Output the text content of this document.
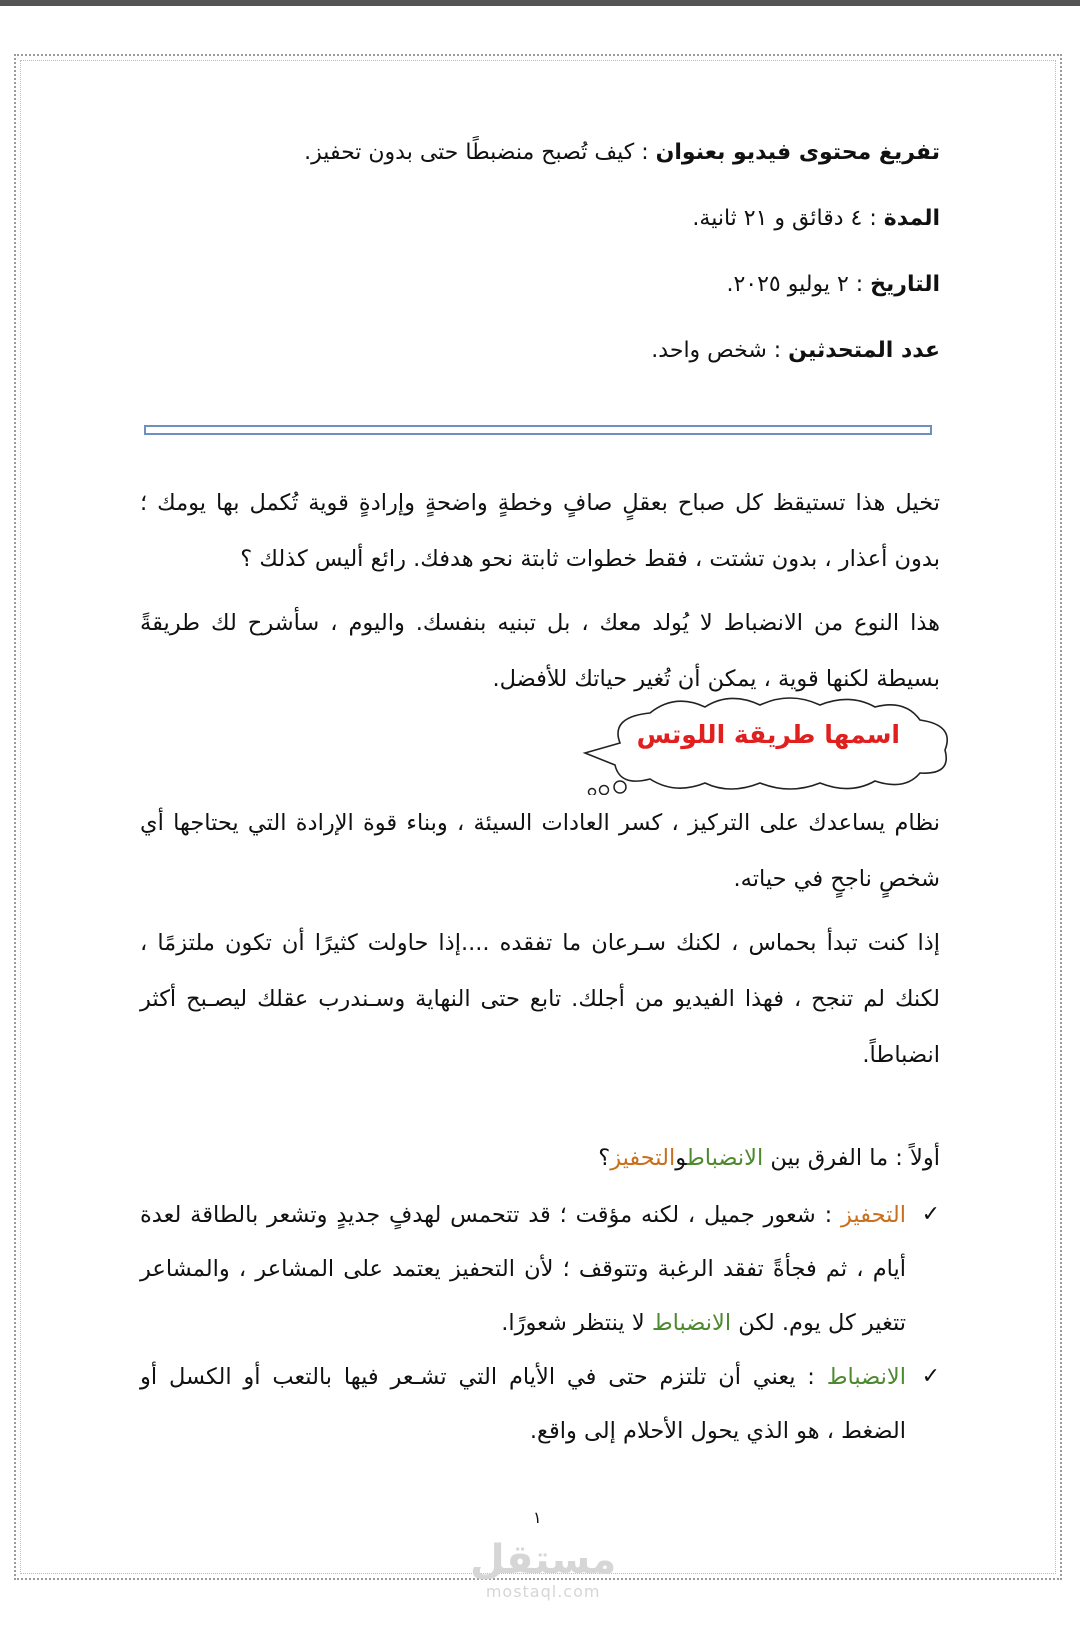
تفريغ محتوى فيديو بعنوان : كيف تُصبح منضبطًا حتى بدون تحفيز.

المدة : ٤ دقائق و ٢١ ثانية.

التاريخ : ٢ يوليو ٢٠٢٥.

عدد المتحدثين : شخص واحد.

تخيل هذا تستيقظ كل صباح بعقلٍ صافٍ وخطةٍ واضحةٍ وإرادةٍ قوية تُكمل بها يومك ؛ بدون أعذار ، بدون تشتت ، فقط خطوات ثابتة نحو هدفك. رائع أليس كذلك ؟
هذا النوع من الانضباط لا يُولد معك ، بل تبنيه بنفسك. واليوم ، سأشرح لك طريقةً بسيطة لكنها قوية ، يمكن أن تُغير حياتك للأفضل.
اسمها طريقة اللوتس
نظام يساعدك على التركيز ، كسر العادات السيئة ، وبناء قوة الإرادة التي يحتاجها أي شخصٍ ناجحٍ في حياته.
إذا كنت تبدأ بحماس ، لكنك سـرعان ما تفقده ....إذا حاولت كثيرًا أن تكون ملتزمًا ، لكنك لم تنجح ، فهذا الفيديو من أجلك. تابع حتى النهاية وسـندرب عقلك ليصـبح أكثر انضباطاً.
أولاً : ما الفرق بين الانضباطوالتحفيز؟
✓
التحفيز : شعور جميل ، لكنه مؤقت ؛ قد تتحمس لهدفٍ جديدٍ وتشعر بالطاقة لعدة أيام ، ثم فجأةً تفقد الرغبة وتتوقف ؛ لأن التحفيز يعتمد على المشاعر ، والمشاعر تتغير كل يوم. لكن الانضباط لا ينتظر شعورًا.
✓
الانضباط : يعني أن تلتزم حتى في الأيام التي تشـعر فيها بالتعب أو الكسل أو الضغط ، هو الذي يحول الأحلام إلى واقع.
١
مستقل
mostaql.com
